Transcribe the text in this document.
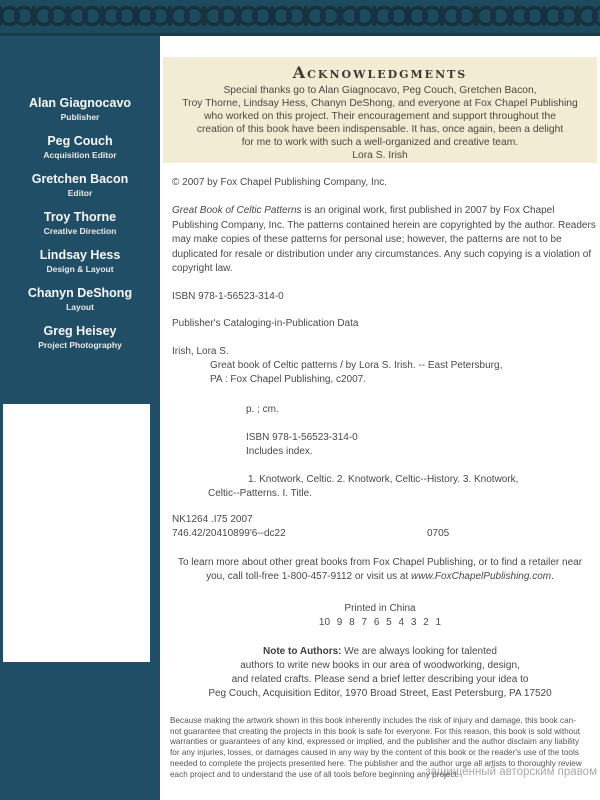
Alan Giagnocavo
Publisher
Peg Couch
Acquisition Editor
Gretchen Bacon
Editor
Troy Thorne
Creative Direction
Lindsay Hess
Design & Layout
Chanyn DeShong
Layout
Greg Heisey
Project Photography
Acknowledgments
Special thanks go to Alan Giagnocavo, Peg Couch, Gretchen Bacon,
Troy Thorne, Lindsay Hess, Chanyn DeShong, and everyone at Fox Chapel Publishing
who worked on this project. Their encouragement and support throughout the
creation of this book have been indispensable. It has, once again, been a delight
for me to work with such a well-organized and creative team.
Lora S. Irish
© 2007 by Fox Chapel Publishing Company, Inc.
Great Book of Celtic Patterns is an original work, first published in 2007 by Fox Chapel Publishing Company, Inc. The patterns contained herein are copyrighted by the author. Readers may make copies of these patterns for personal use; however, the patterns are not to be duplicated for resale or distribution under any circumstances. Any such copying is a violation of copyright law.
ISBN 978-1-56523-314-0
Publisher's Cataloging-in-Publication Data
Irish, Lora S.
Great book of Celtic patterns / by Lora S. Irish. -- East Petersburg,
PA : Fox Chapel Publishing, c2007.
p. ; cm.
ISBN 978-1-56523-314-0
Includes index.
1. Knotwork, Celtic. 2. Knotwork, Celtic--History. 3. Knotwork,
Celtic--Patterns. I. Title.
NK1264 .I75 2007
746.42/20410899'6--dc22	0705
To learn more about other great books from Fox Chapel Publishing, or to find a retailer near
you, call toll-free 1-800-457-9112 or visit us at www.FoxChapelPublishing.com.
Printed in China
10 9 8 7 6 5 4 3 2 1
Note to Authors: We are always looking for talented
authors to write new books in our area of woodworking, design,
and related crafts. Please send a brief letter describing your idea to
Peg Couch, Acquisition Editor, 1970 Broad Street, East Petersburg, PA 17520
Because making the artwork shown in this book inherently includes the risk of injury and damage, this book can-
not guarantee that creating the projects in this book is safe for everyone. For this reason, this book is sold without
warranties or guarantees of any kind, expressed or implied, and the publisher and the author disclaim any liability
for any injuries, losses, or damages caused in any way by the content of this book or the reader's use of the tools
needed to complete the projects presented here. The publisher and the author urge all artists to thoroughly review
each project and to understand the use of all tools before beginning any project.
защищенный авторским правом
